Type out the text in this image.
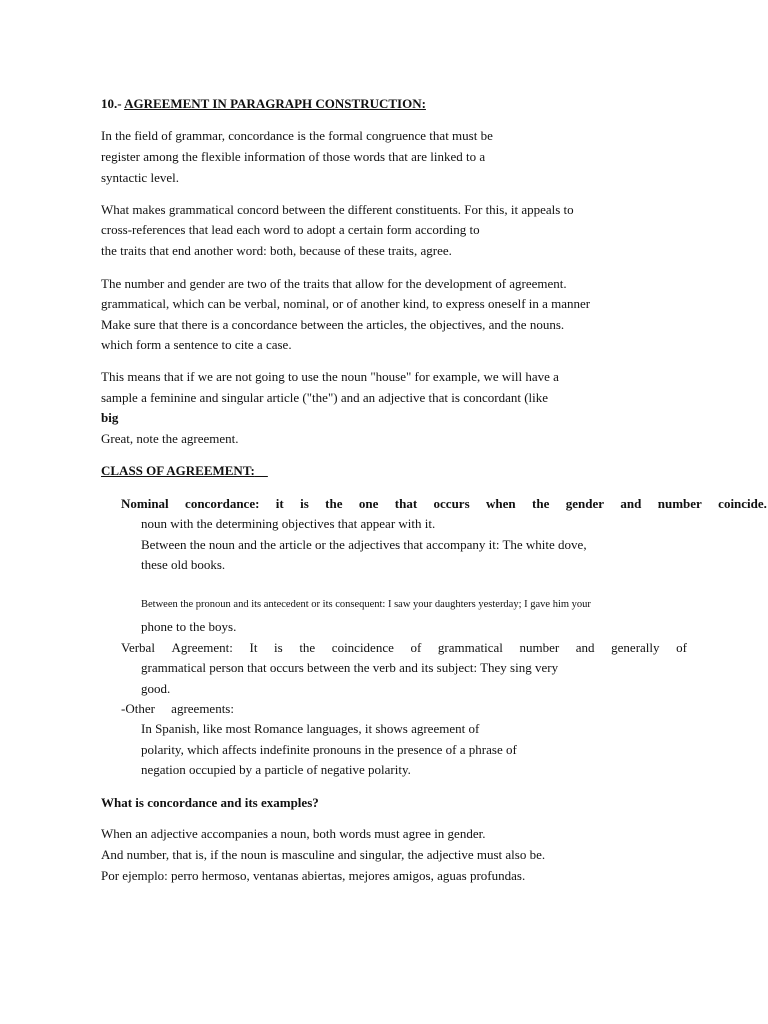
10.- AGREEMENT IN PARAGRAPH CONSTRUCTION:
In the field of grammar, concordance is the formal congruence that must be
register among the flexible information of those words that are linked to a
syntactic level.
What makes grammatical concord between the different constituents. For this, it appeals to
cross-references that lead each word to adopt a certain form according to
the traits that end another word: both, because of these traits, agree.
The number and gender are two of the traits that allow for the development of agreement.
grammatical, which can be verbal, nominal, or of another kind, to express oneself in a manner
Make sure that there is a concordance between the articles, the objectives, and the nouns.
which form a sentence to cite a case.
This means that if we are not going to use the noun "house" for example, we will have a
sample a feminine and singular article ("the") and an adjective that is concordant (like
big
Great, note the agreement.
CLASS OF AGREEMENT:
Nominal concordance: it is the one that occurs when the gender and number coincide.
noun with the determining objectives that appear with it.
Between the noun and the article or the adjectives that accompany it: The white dove,
these old books.
Between the pronoun and its antecedent or its consequent: I saw your daughters yesterday; I gave him your
phone to the boys.
Verbal Agreement: It is the coincidence of grammatical number and generally of
grammatical person that occurs between the verb and its subject: They sing very
good.
-Other     agreements:
In Spanish, like most Romance languages, it shows agreement of
polarity, which affects indefinite pronouns in the presence of a phrase of
negation occupied by a particle of negative polarity.
What is concordance and its examples?
When an adjective accompanies a noun, both words must agree in gender.
And number, that is, if the noun is masculine and singular, the adjective must also be.
Por ejemplo: perro hermoso, ventanas abiertas, mejores amigos, aguas profundas.
